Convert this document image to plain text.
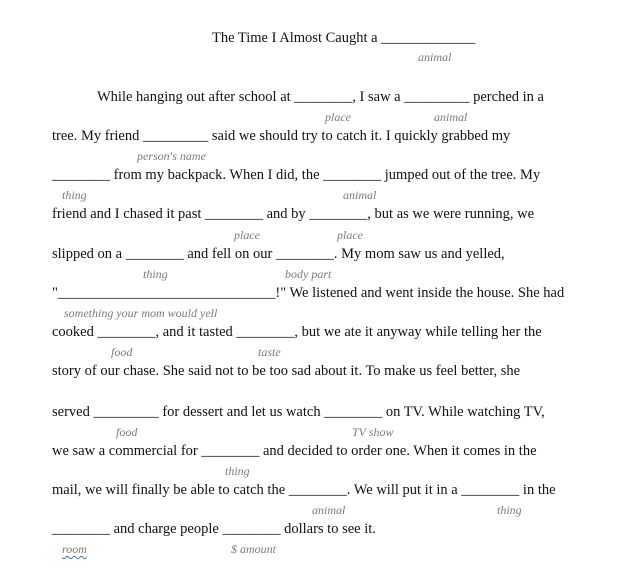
The Time I Almost Caught a _____________
animal
While hanging out after school at ________, I saw a _________ perched in a
place	animal
tree. My friend _________ said we should try to catch it. I quickly grabbed my
person's name
________ from my backpack. When I did, the ________ jumped out of the tree. My
thing	animal
friend and I chased it past ________ and by ________, but as we were running, we
place	place
slipped on a ________ and fell on our ________. My mom saw us and yelled,
thing	body part
"______________________________!" We listened and went inside the house. She had
something your mom would yell
cooked ________, and it tasted ________, but we ate it anyway while telling her the
food	taste
story of our chase. She said not to be too sad about it. To make us feel better, she
served _________ for dessert and let us watch ________ on TV. While watching TV,
food	TV show
we saw a commercial for ________ and decided to order one. When it comes in the
thing
mail, we will finally be able to catch the ________. We will put it in a ________ in the
animal	thing
________ and charge people ________ dollars to see it.
room	$ amount
